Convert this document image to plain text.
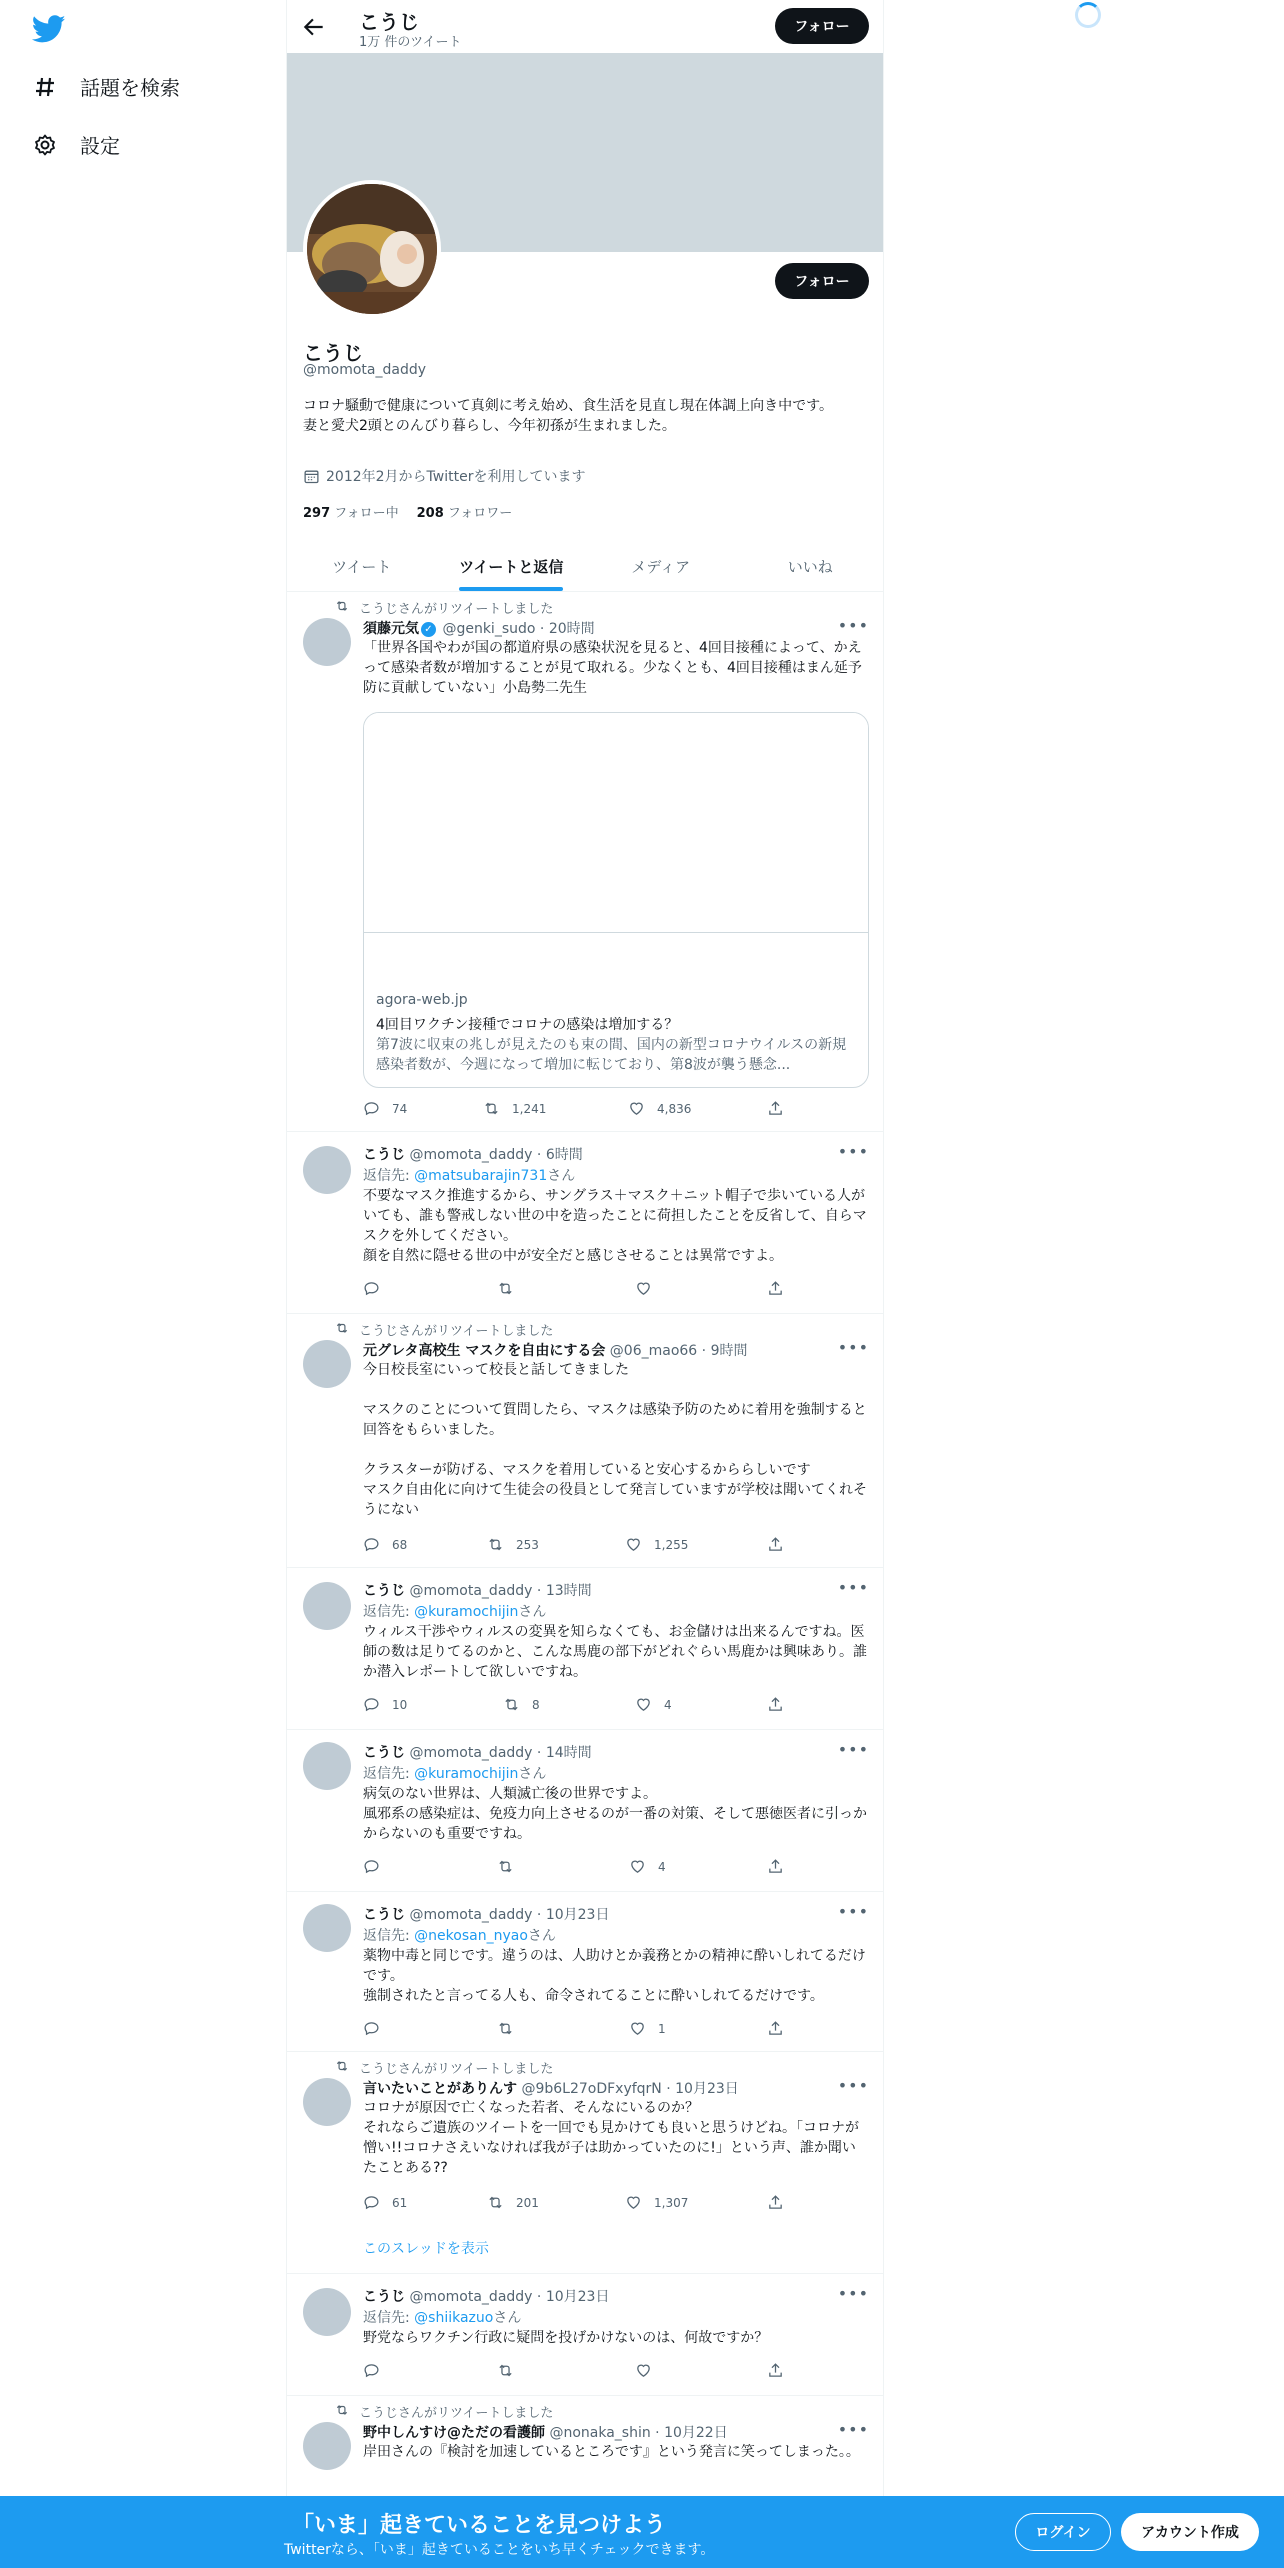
話題を検索
設定
こうじ
1万 件のツイート
フォロー
フォロー
こうじ
@momota_daddy
コロナ騒動で健康について真剣に考え始め、食生活を見直し現在体調上向き中です。
妻と愛犬2頭とのんびり暮らし、今年初孫が生まれました。
2012年2月からTwitterを利用しています
297 フォロー中 208 フォロワー
ツイート	ツイートと返信	メディア	いいね
こうじさんがリツイートしました
須藤元気 ✓ @genki_sudo · 20時間	•••
「世界各国やわが国の都道府県の感染状況を見ると、4回目接種によって、かえって感染者数が増加することが見て取れる。少なくとも、4回目接種はまん延予防に貢献していない」小島勢二先生
agora-web.jp
4回目ワクチン接種でコロナの感染は増加する？
第7波に収束の兆しが見えたのも束の間、国内の新型コロナウイルスの新規感染者数が、今週になって増加に転じており、第8波が襲う懸念...
74	1,241	4,836
こうじ @momota_daddy · 6時間	•••
返信先: @matsubarajin731さん
不要なマスク推進するから、サングラス＋マスク＋ニット帽子で歩いている人がいても、誰も警戒しない世の中を造ったことに荷担したことを反省して、自らマスクを外してください。
顔を自然に隠せる世の中が安全だと感じさせることは異常ですよ。
こうじさんがリツイートしました
元グレタ高校生 マスクを自由にする会 @06_mao66 · 9時間	•••
今日校長室にいって校長と話してきました

マスクのことについて質問したら、マスクは感染予防のために着用を強制すると回答をもらいました。

クラスターが防げる、マスクを着用していると安心するかららしいです
マスク自由化に向けて生徒会の役員として発言していますが学校は聞いてくれそうにない
68	253	1,255
こうじ @momota_daddy · 13時間	•••
返信先: @kuramochijinさん
ウィルス干渉やウィルスの変異を知らなくても、お金儲けは出来るんですね。医師の数は足りてるのかと、こんな馬鹿の部下がどれぐらい馬鹿かは興味あり。誰か潜入レポートして欲しいですね。
10	8	4
こうじ @momota_daddy · 14時間	•••
返信先: @kuramochijinさん
病気のない世界は、人類滅亡後の世界ですよ。
風邪系の感染症は、免疫力向上させるのが一番の対策、そして悪徳医者に引っかからないのも重要ですね。
4
こうじ @momota_daddy · 10月23日	•••
返信先: @nekosan_nyaoさん
薬物中毒と同じです。違うのは、人助けとか義務とかの精神に酔いしれてるだけです。
強制されたと言ってる人も、命令されてることに酔いしれてるだけです。
1
こうじさんがリツイートしました
言いたいことがありんす @9b6L27oDFxyfqrN · 10月23日	•••
コロナが原因で亡くなった若者、そんなにいるのか？
それならご遺族のツイートを一回でも見かけても良いと思うけどね。「コロナが憎い!!コロナさえいなければ我が子は助かっていたのに!」という声、誰か聞いたことある??
61	201	1,307
このスレッドを表示
こうじ @momota_daddy · 10月23日	•••
返信先: @shiikazuoさん
野党ならワクチン行政に疑問を投げかけないのは、何故ですか？
こうじさんがリツイートしました
野中しんすけ@ただの看護師 @nonaka_shin · 10月22日	•••
岸田さんの『検討を加速しているところです』という発言に笑ってしまった。。
「いま」起きていることを見つけよう
Twitterなら、「いま」起きていることをいち早くチェックできます。
ログイン	アカウント作成
